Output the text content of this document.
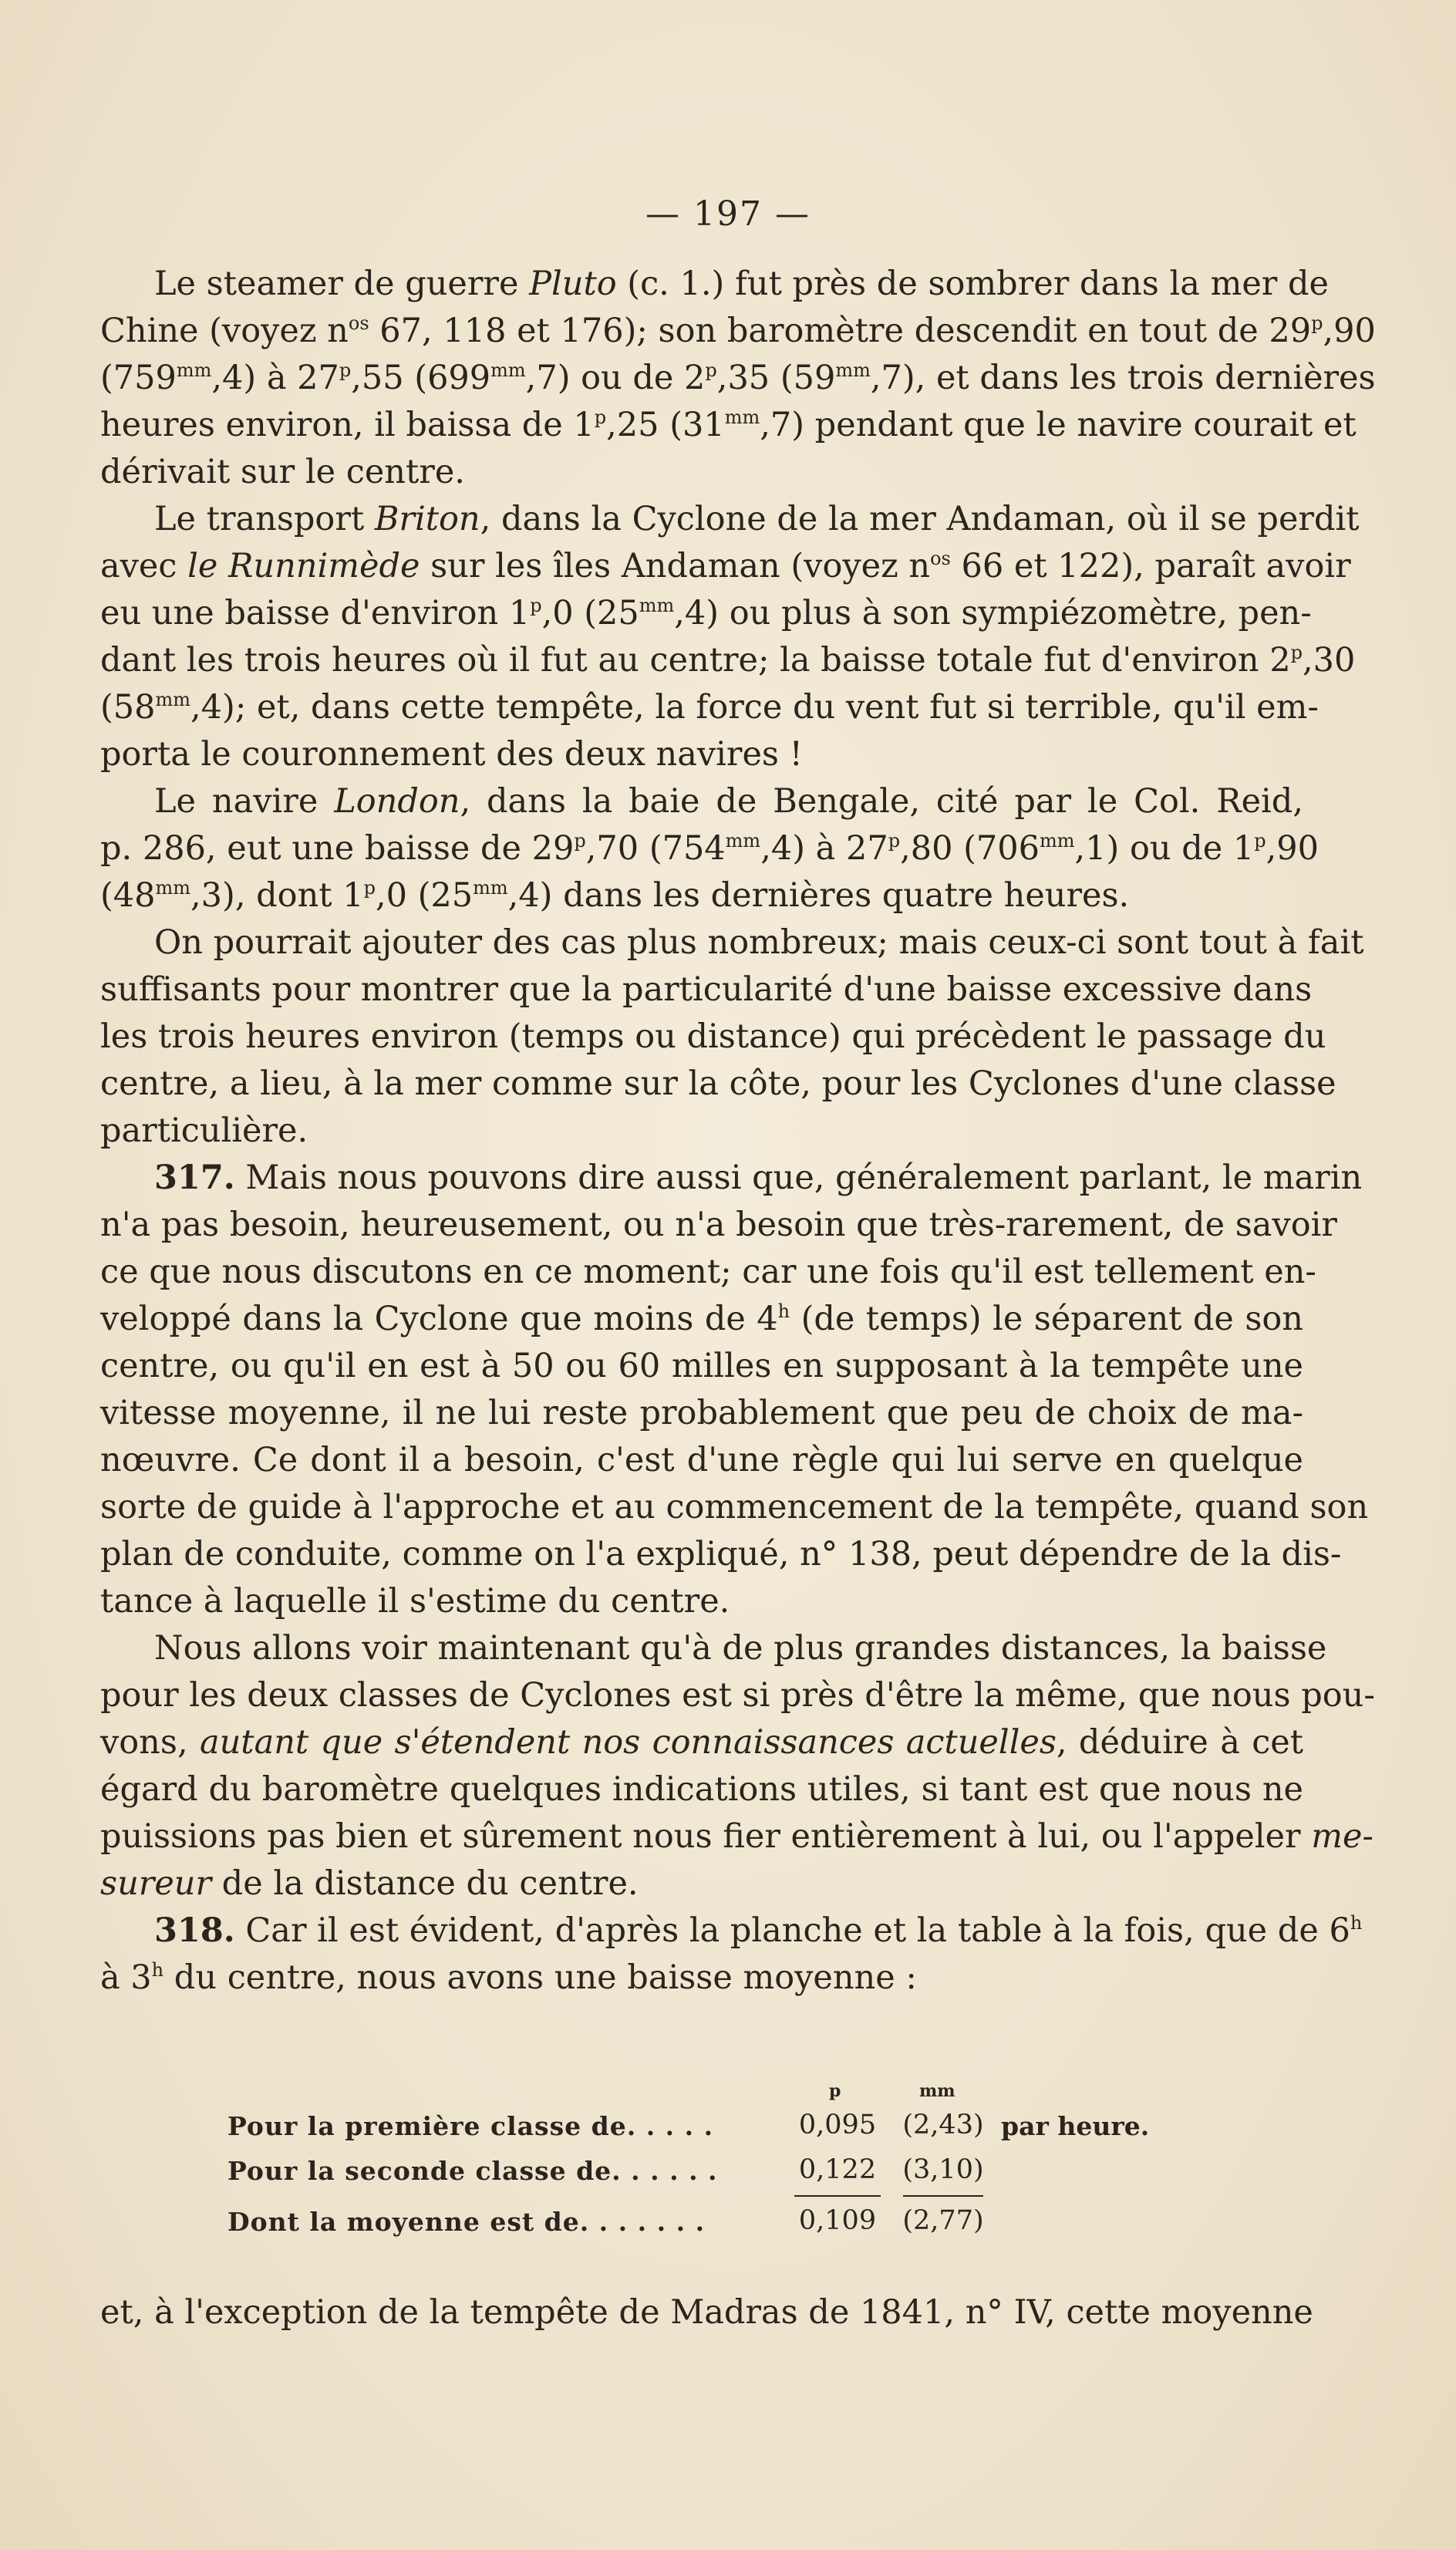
— 197 —
Le steamer de guerre Pluto (c. 1.) fut près de sombrer dans la mer de
Chine (voyez $n^{os}$ 67, 118 et 176); son baromètre descendit en tout de 29$^p$,90
$(759^{mm},4)$ à 27$^p$,55 $(699^{mm},7)$ ou de 2$^p$,35 $(59^{mm},7)$, et dans les trois dernières
heures environ, il baissa de 1$^p$,25 $(31^{mm},7)$ pendant que le navire courait et
dérivait sur le centre.
Le transport Briton, dans la Cyclone de la mer Andaman, où il se perdit
avec le Runnimède sur les îles Andaman (voyez $n^{os}$ 66 et 122), paraît avoir
eu une baisse d'environ 1$^p$,0 $(25^{mm},4)$ ou plus à son sympiézomètre, pen-
dant les trois heures où il fut au centre; la baisse totale fut d'environ 2$^p$,30
$(58^{mm},4)$; et, dans cette tempête, la force du vent fut si terrible, qu'il em-
porta le couronnement des deux navires !
Le navire London, dans la baie de Bengale, cité par le Col. Reid,
p. 286, eut une baisse de 29$^p$,70 $(754^{mm},4)$ à 27$^p$,80 $(706^{mm},1)$ ou de 1$^p$,90
$(48^{mm},3)$, dont 1$^p$,0 $(25^{mm},4)$ dans les dernières quatre heures.
On pourrait ajouter des cas plus nombreux; mais ceux-ci sont tout à fait
suffisants pour montrer que la particularité d'une baisse excessive dans
les trois heures environ (temps ou distance) qui précèdent le passage du
centre, a lieu, à la mer comme sur la côte, pour les Cyclones d'une classe
particulière.
317. Mais nous pouvons dire aussi que, généralement parlant, le marin
n'a pas besoin, heureusement, ou n'a besoin que très-rarement, de savoir
ce que nous discutons en ce moment; car une fois qu'il est tellement en-
veloppé dans la Cyclone que moins de 4$^h$ (de temps) le séparent de son
centre, ou qu'il en est à 50 ou 60 milles en supposant à la tempête une
vitesse moyenne, il ne lui reste probablement que peu de choix de ma-
nœuvre. Ce dont il a besoin, c'est d'une règle qui lui serve en quelque
sorte de guide à l'approche et au commencement de la tempête, quand son
plan de conduite, comme on l'a expliqué, n° 138, peut dépendre de la dis-
tance à laquelle il s'estime du centre.
Nous allons voir maintenant qu'à de plus grandes distances, la baisse
pour les deux classes de Cyclones est si près d'être la même, que nous pou-
vons, autant que s'étendent nos connaissances actuelles, déduire à cet
égard du baromètre quelques indications utiles, si tant est que nous ne
puissions pas bien et sûrement nous fier entièrement à lui, ou l'appeler me-
sureur de la distance du centre.
318. Car il est évident, d'après la planche et la table à la fois, que de 6$^h$
à 3$^h$ du centre, nous avons une baisse moyenne :
p	mm
Pour la première classe de. . . . .	0,095 (2,43) par heure.
Pour la seconde classe de. . . . . .	0,122 (3,10)
Dont la moyenne est de. . . . . . .	0,109 (2,77)
et, à l'exception de la tempête de Madras de 1841, n° IV, cette moyenne
